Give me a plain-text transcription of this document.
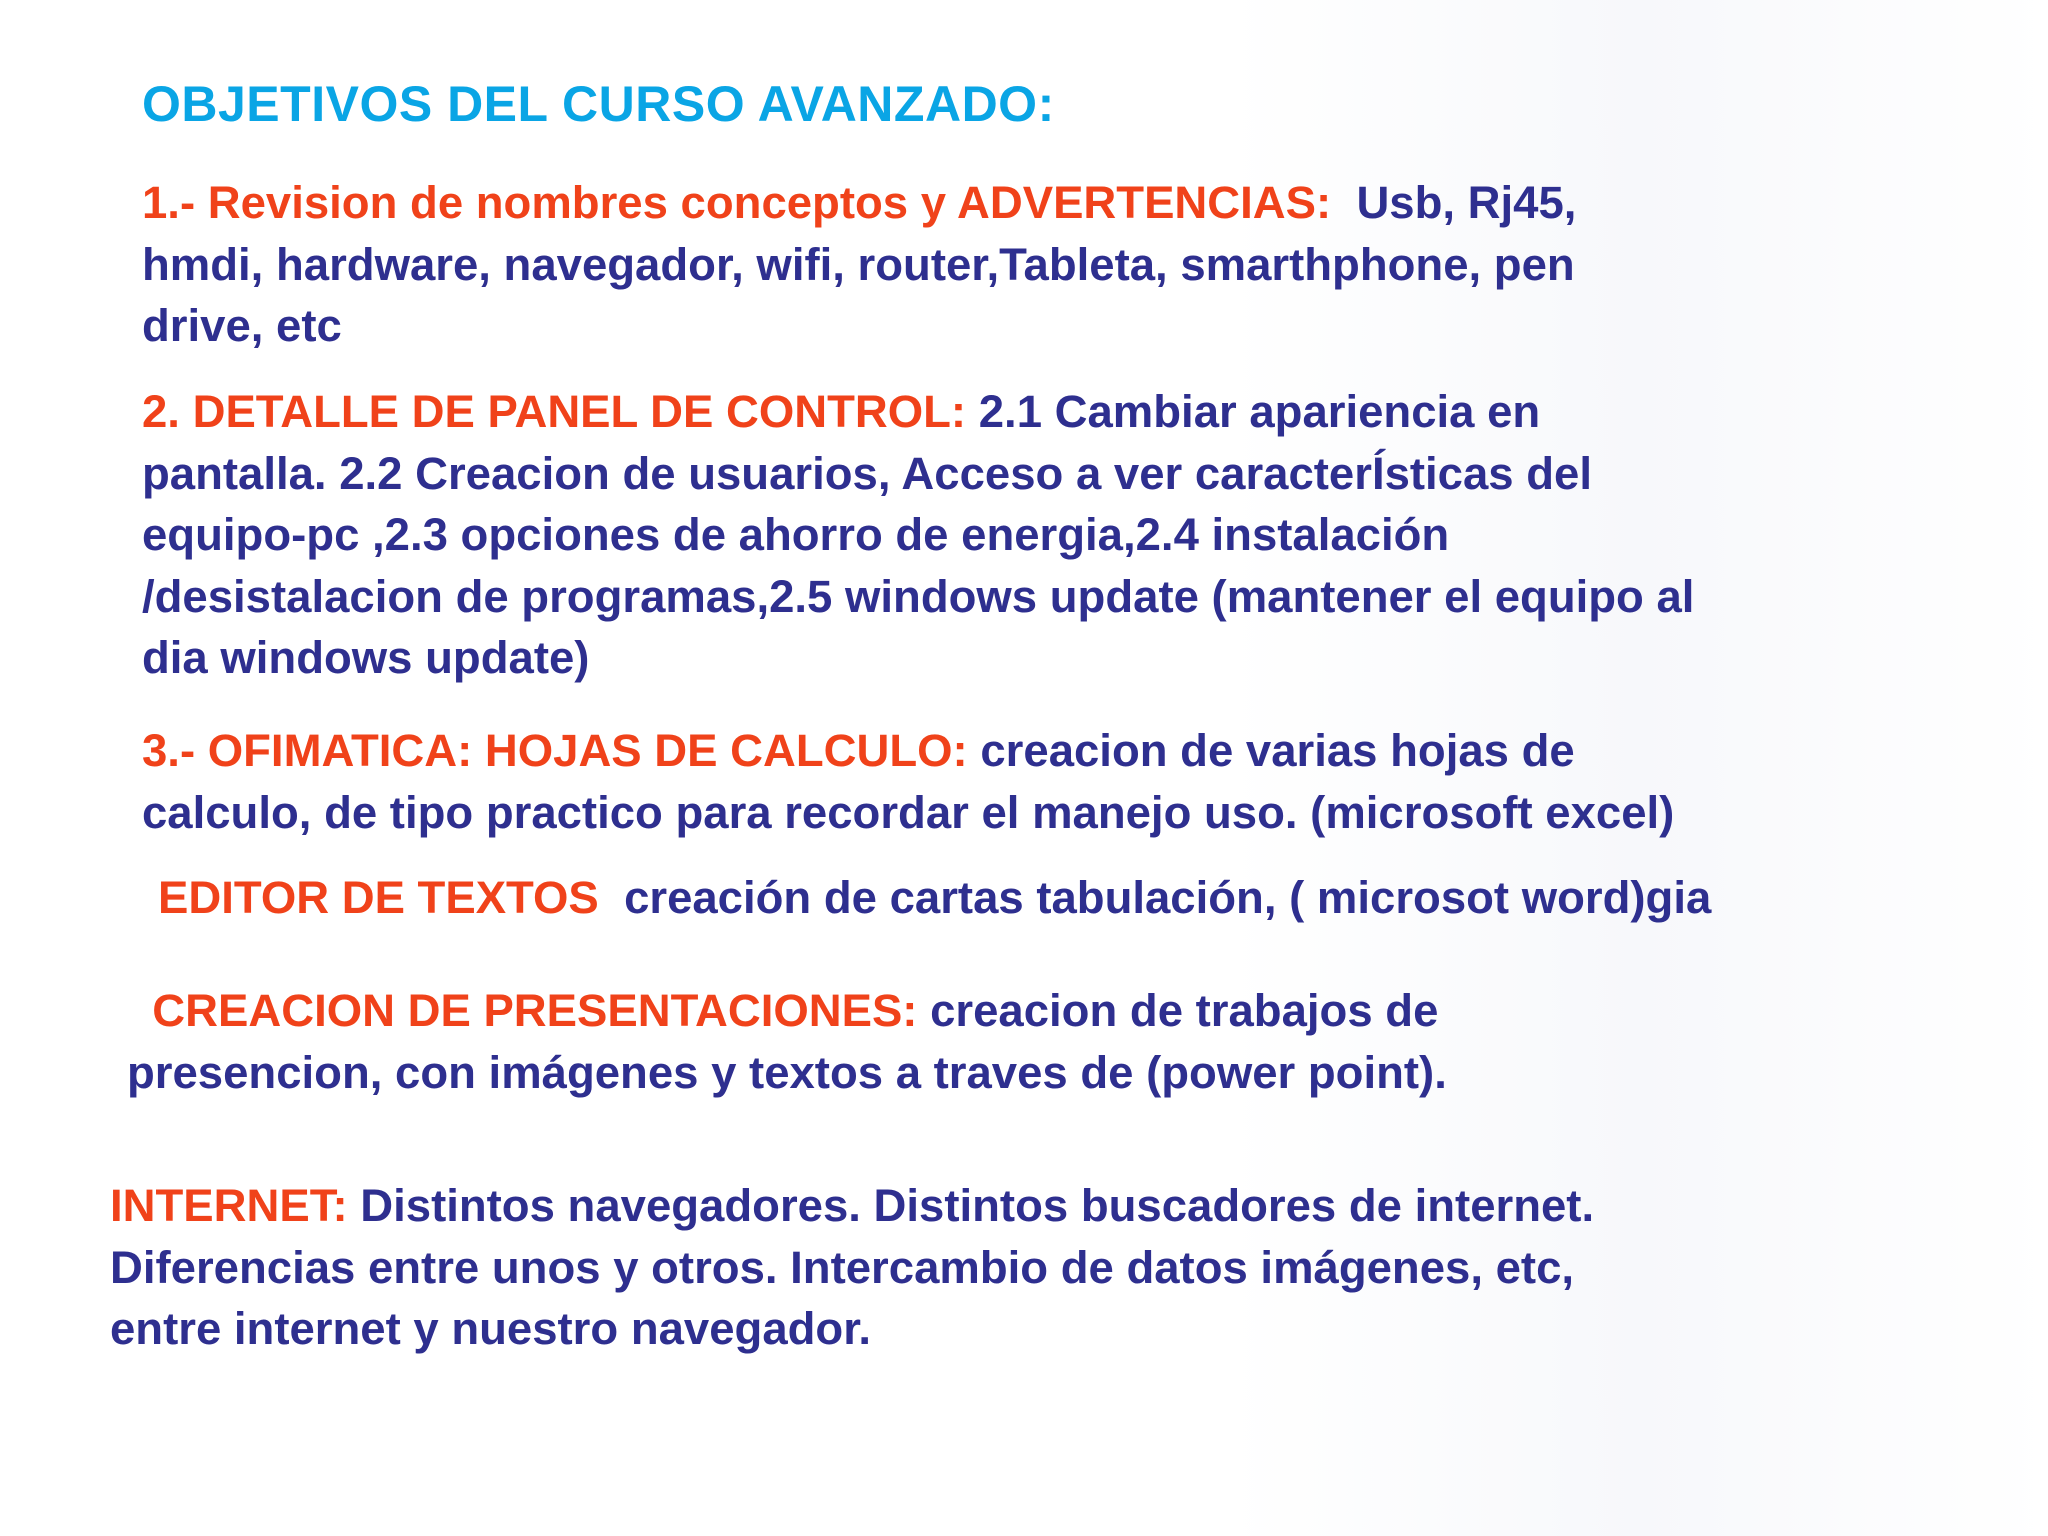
OBJETIVOS DEL CURSO AVANZADO:
1.- Revision de nombres conceptos y ADVERTENCIAS: Usb, Rj45,
hmdi, hardware, navegador, wifi, router,Tableta, smarthphone, pen
drive, etc
2. DETALLE DE PANEL DE CONTROL: 2.1 Cambiar apariencia en
pantalla. 2.2 Creacion de usuarios, Acceso a ver caracterÍsticas del
equipo-pc ,2.3 opciones de ahorro de energia,2.4 instalación
/desistalacion de programas,2.5 windows update (mantener el equipo al
dia windows update)
3.- OFIMATICA: HOJAS DE CALCULO: creacion de varias hojas de
calculo, de tipo practico para recordar el manejo uso. (microsoft excel)
EDITOR DE TEXTOS creación de cartas tabulación, ( microsot word)gia
CREACION DE PRESENTACIONES: creacion de trabajos de
presencion, con imágenes y textos a traves de (power point).
INTERNET: Distintos navegadores. Distintos buscadores de internet.
Diferencias entre unos y otros. Intercambio de datos imágenes, etc,
entre internet y nuestro navegador.
